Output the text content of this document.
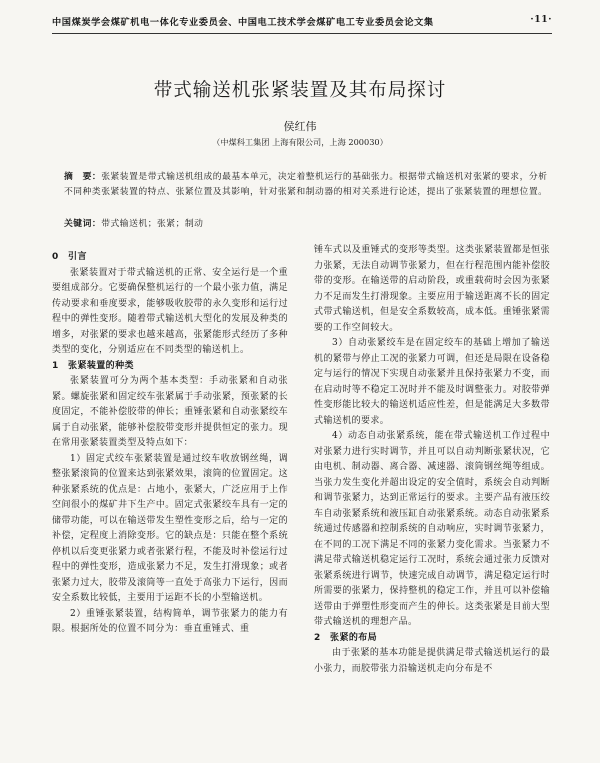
中国煤炭学会煤矿机电一体化专业委员会、中国电工技术学会煤矿电工专业委员会论文集	·11·
带式输送机张紧装置及其布局探讨
侯红伟
（中煤科工集团 上海有限公司，上海 200030）
摘　要：张紧装置是带式输送机组成的最基本单元，决定着整机运行的基础张力。根据带式输送机对张紧的要求，分析不同种类张紧装置的特点、张紧位置及其影响，针对张紧和制动器的相对关系进行论述，提出了张紧装置的理想位置。
关键词：带式输送机；张紧；制动

0　引言

张紧装置对于带式输送机的正常、安全运行是一个重要组成部分。它要确保整机运行的一个最小张力值，满足传动要求和垂度要求，能够吸收胶带的永久变形和运行过程中的弹性变形。随着带式输送机大型化的发展及种类的增多，对张紧的要求也越来越高，张紧能形式经历了多种类型的变化，分别适应在不同类型的输送机上。

1　张紧装置的种类

张紧装置可分为两个基本类型：手动张紧和自动张紧。螺旋张紧和固定绞车张紧属于手动张紧，预张紧的长度固定，不能补偿胶带的伸长；重锤张紧和自动张紧绞车属于自动张紧，能够补偿胶带变形并提供恒定的张力。现在常用张紧装置类型及特点如下：

1）固定式绞车张紧装置是通过绞车收放钢丝绳，调整张紧滚筒的位置来达到张紧效果，滚筒的位置固定。这种张紧系统的优点是：占地小，张紧大，广泛应用于上作空间很小的煤矿井下生产中。固定式张紧绞车具有一定的储带功能，可以在输送带发生塑性变形之后，给与一定的补偿，定程度上消除变形。它的缺点是：只能在整个系统停机以后变更张紧力或者张紧行程，不能及时补偿运行过程中的弹性变形，造成张紧力不足，发生打滑现象；或者张紧力过大，胶带及滚筒等一直处于高张力下运行，因而安全系数比较低，主要用于运距不长的小型输送机。

2）重锤张紧装置，结构简单，调节张紧力的能力有限。根据所处的位置不同分为：垂直重锤式、重

锤车式以及重锤式的变形等类型。这类张紧装置都是恒张力张紧，无法自动调节张紧力，但在行程范围内能补偿胶带的变形。在输送带的启动阶段，或重载荷时会因为张紧力不足而发生打滑现象。主要应用于输送距离不长的固定式带式输送机，但是安全系数较高，成本低。重锤张紧需要的工作空间较大。

3）自动张紧绞车是在固定绞车的基础上增加了输送机的紧带与停止工况的张紧力可调，但还是局限在设备稳定与运行的情况下实现自动张紧并且保持张紧力不变，而在启动时等不稳定工况时并不能及时调整张力。对胶带弹性变形能比较大的输送机适应性差，但是能满足大多数带式输送机的要求。

4）动态自动张紧系统，能在带式输送机工作过程中对张紧力进行实时调节，并且可以自动判断张紧状况，它由电机、制动器、离合器、减速器、滚筒钢丝绳等组成。当张力发生变化并超出设定的安全值时，系统会自动判断和调节张紧力，达到正常运行的要求。主要产品有液压绞车自动张紧系统和液压缸自动张紧系统。动态自动张紧系统通过传感器和控制系统的自动响应，实时调节张紧力，在不同的工况下满足不同的张紧力变化需求。当张紧力不满足带式输送机稳定运行工况时，系统会通过张力反馈对张紧系统进行调节，快速完成自动调节，满足稳定运行时所需要的张紧力，保持整机的稳定工作，并且可以补偿输送带由于弹塑性形变而产生的伸长。这类张紧是目前大型带式输送机的理想产品。

2　张紧的布局

由于张紧的基本功能是提供满足带式输送机运行的最小张力，而胶带张力沿输送机走向分布是不
